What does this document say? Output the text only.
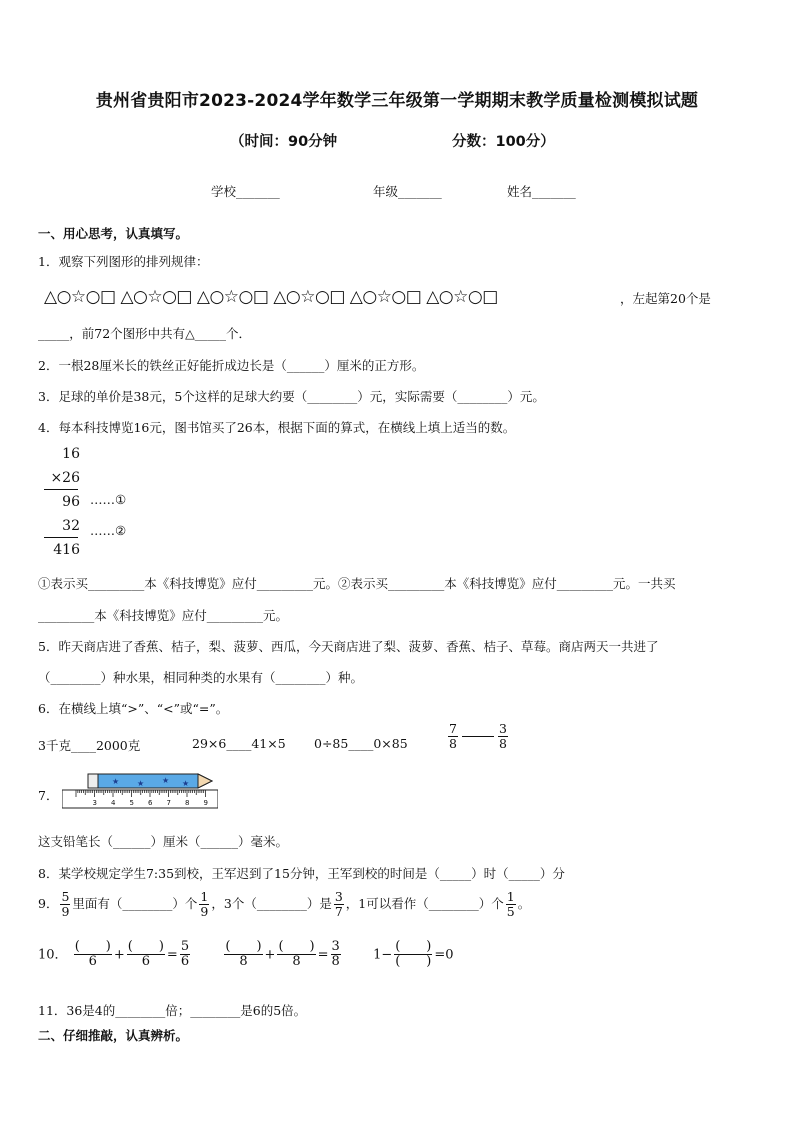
贵州省贵阳市2023-2024学年数学三年级第一学期期末教学质量检测模拟试题
（时间：90分钟	分数：100分）
学校_______	年级_______	姓名_______
一、用心思考，认真填写。
1．观察下列图形的排列规律：
△○☆○□ △○☆○□ △○☆○□ △○☆○□ △○☆○□ △○☆○□	，左起第20个是
_____，前72个图形中共有△_____个．
2．一根28厘米长的铁丝正好能折成边长是（______）厘米的正方形。
3．足球的单价是38元，5个这样的足球大约要（________）元，实际需要（________）元。
4．每本科技博览16元，图书馆买了26本，根据下面的算式，在横线上填上适当的数。
16
×26
96
32
416
……①
……②
①表示买_________本《科技博览》应付_________元。②表示买_________本《科技博览》应付_________元。一共买
_________本《科技博览》应付_________元。
5．昨天商店进了香蕉、桔子，梨、菠萝、西瓜，今天商店进了梨、菠萝、香蕉、桔子、草莓。商店两天一共进了
（________）种水果，相同种类的水果有（________）种。
6．在横线上填“>”、“<”或“=”。
3千克____2000克	29×6____41×5 0÷85____0×85	$\frac{7}{8}$	$\frac{3}{8}$
7．
★ ★ ★ ★
3 4 5 6 7 8 9
这支铅笔长（______）厘米（______）毫米。
8．某学校规定学生7:35到校，王军迟到了15分钟，王军到校的时间是（_____）时（_____）分
9． $\frac{5}{9}$ 里面有（________）个 $\frac{1}{9}$ ，3个（________）是 $\frac{3}{7}$ ，1可以看作（________）个 $\frac{1}{5}$ 。
10． $\frac{( )}{6} + \frac{( )}{6} = \frac{5}{6}$
	$\frac{( )}{8} + \frac{( )}{8} = \frac{3}{8} 1- \frac{( )}{( )} =0$
11．36是4的________倍；________是6的5倍。
二、仔细推敲，认真辨析。
